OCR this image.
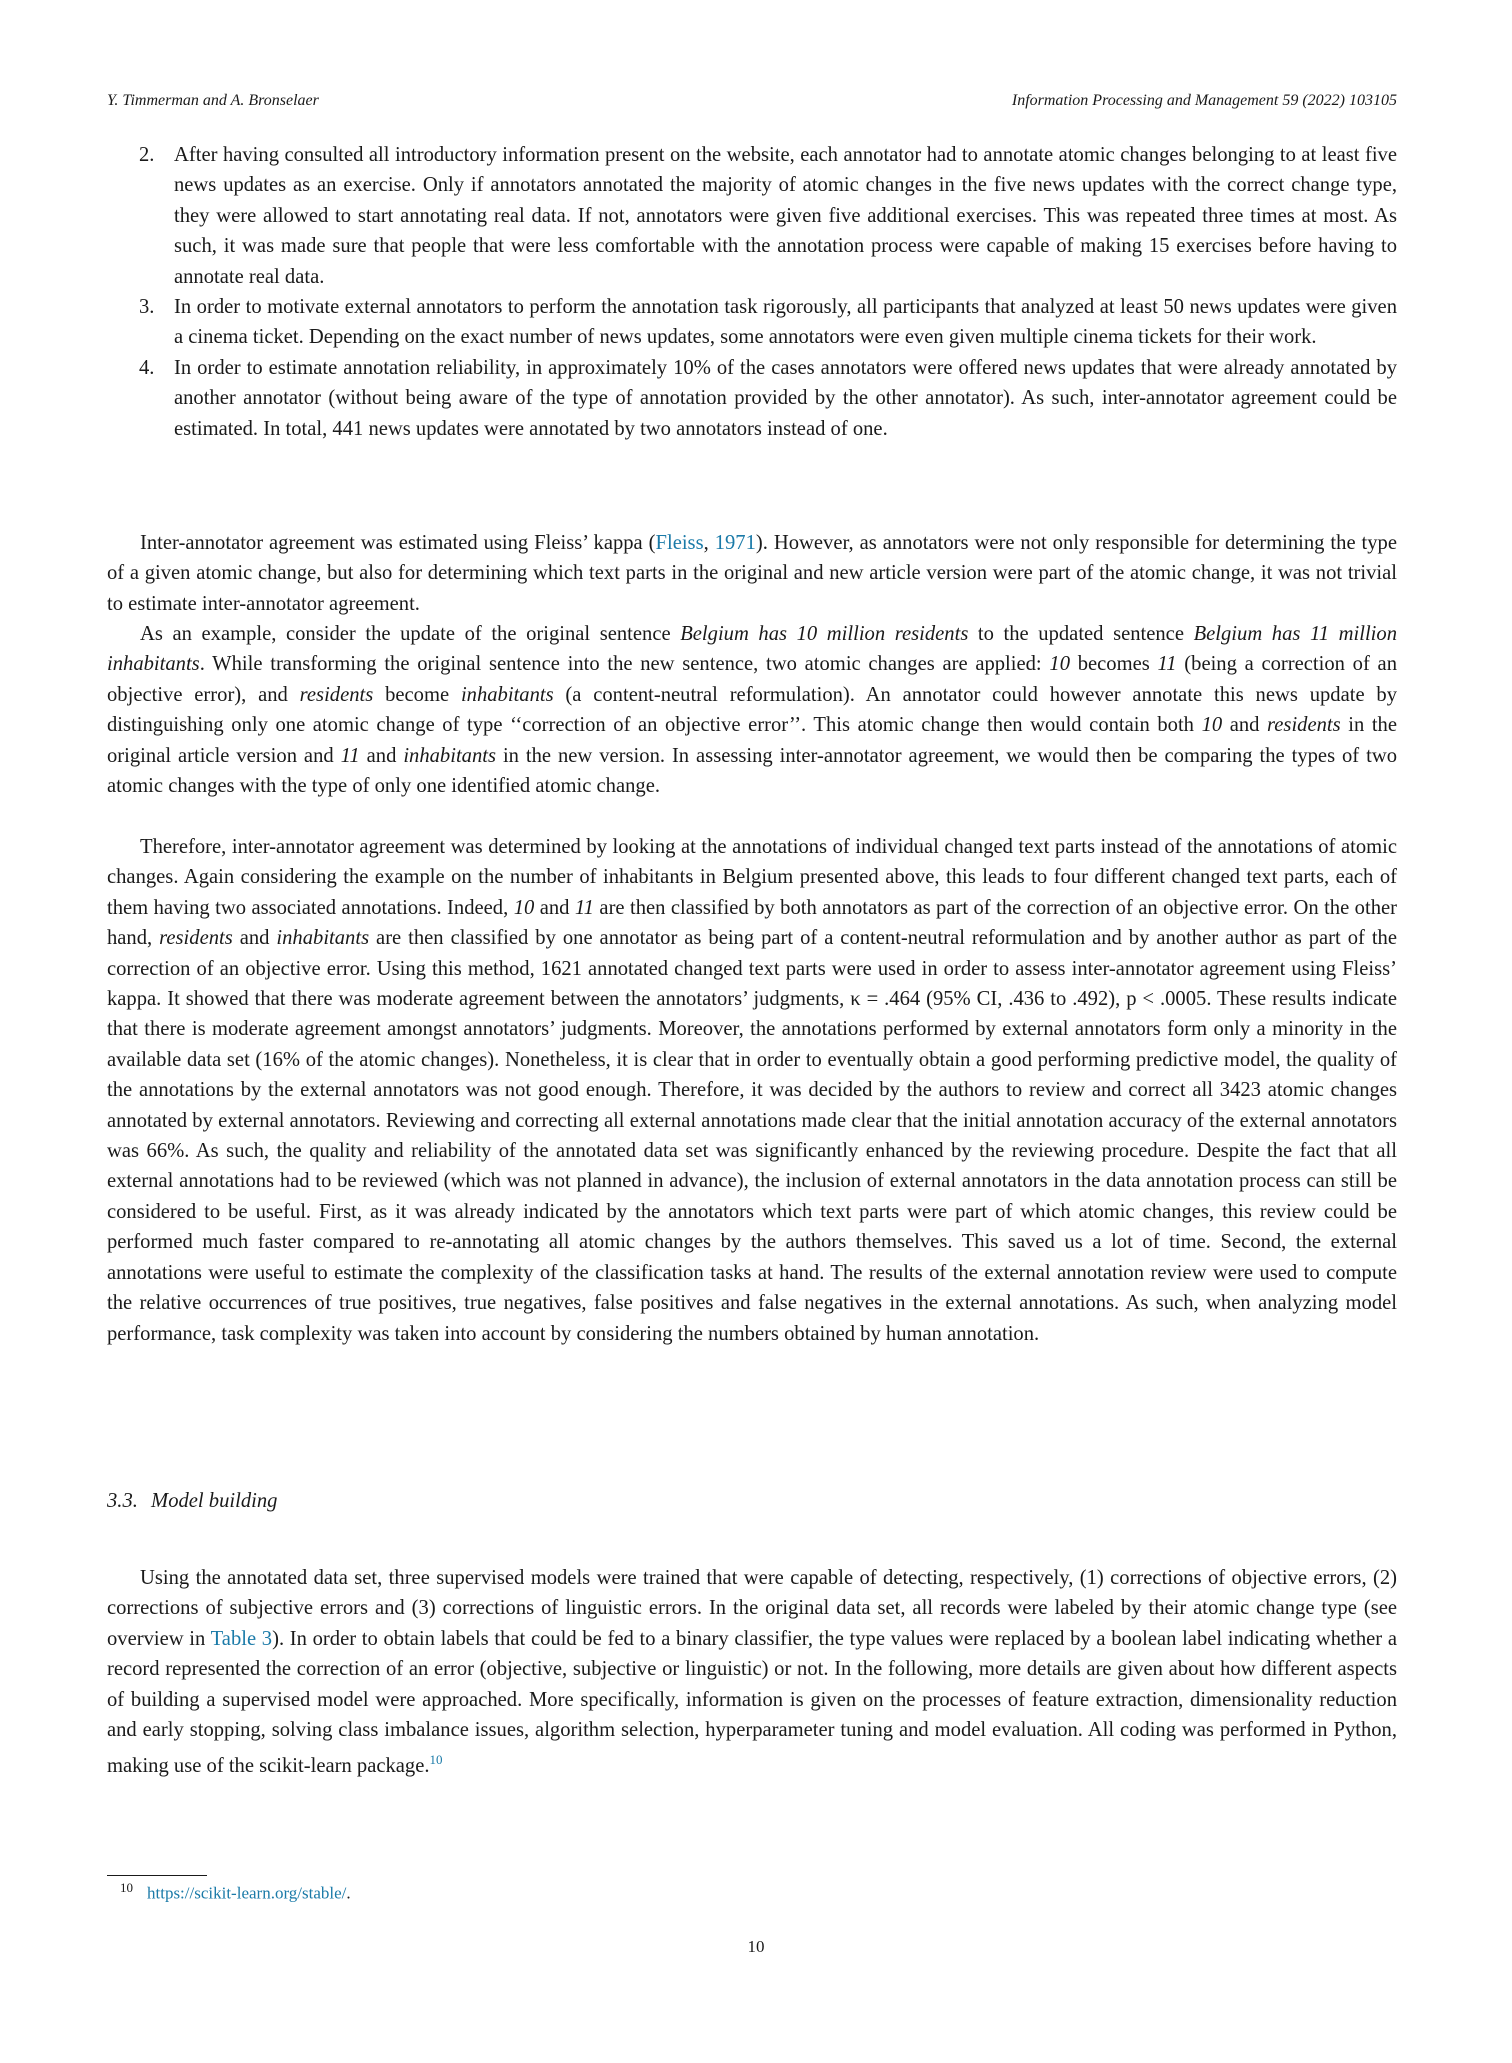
Y. Timmerman and A. Bronselaer	Information Processing and Management 59 (2022) 103105
2. After having consulted all introductory information present on the website, each annotator had to annotate atomic changes belonging to at least five news updates as an exercise. Only if annotators annotated the majority of atomic changes in the five news updates with the correct change type, they were allowed to start annotating real data. If not, annotators were given five additional exercises. This was repeated three times at most. As such, it was made sure that people that were less comfortable with the annotation process were capable of making 15 exercises before having to annotate real data.
3. In order to motivate external annotators to perform the annotation task rigorously, all participants that analyzed at least 50 news updates were given a cinema ticket. Depending on the exact number of news updates, some annotators were even given multiple cinema tickets for their work.
4. In order to estimate annotation reliability, in approximately 10% of the cases annotators were offered news updates that were already annotated by another annotator (without being aware of the type of annotation provided by the other annotator). As such, inter-annotator agreement could be estimated. In total, 441 news updates were annotated by two annotators instead of one.

Inter-annotator agreement was estimated using Fleiss’ kappa (Fleiss, 1971). However, as annotators were not only responsible for determining the type of a given atomic change, but also for determining which text parts in the original and new article version were part of the atomic change, it was not trivial to estimate inter-annotator agreement.

As an example, consider the update of the original sentence Belgium has 10 million residents to the updated sentence Belgium has 11 million inhabitants. While transforming the original sentence into the new sentence, two atomic changes are applied: 10 becomes 11 (being a correction of an objective error), and residents become inhabitants (a content-neutral reformulation). An annotator could however annotate this news update by distinguishing only one atomic change of type ‘‘correction of an objective error’’. This atomic change then would contain both 10 and residents in the original article version and 11 and inhabitants in the new version. In assessing inter-annotator agreement, we would then be comparing the types of two atomic changes with the type of only one identified atomic change.

Therefore, inter-annotator agreement was determined by looking at the annotations of individual changed text parts instead of the annotations of atomic changes. Again considering the example on the number of inhabitants in Belgium presented above, this leads to four different changed text parts, each of them having two associated annotations. Indeed, 10 and 11 are then classified by both annotators as part of the correction of an objective error. On the other hand, residents and inhabitants are then classified by one annotator as being part of a content-neutral reformulation and by another author as part of the correction of an objective error. Using this method, 1621 annotated changed text parts were used in order to assess inter-annotator agreement using Fleiss’ kappa. It showed that there was moderate agreement between the annotators’ judgments, κ = .464 (95% CI, .436 to .492), p < .0005. These results indicate that there is moderate agreement amongst annotators’ judgments. Moreover, the annotations performed by external annotators form only a minority in the available data set (16% of the atomic changes). Nonetheless, it is clear that in order to eventually obtain a good performing predictive model, the quality of the annotations by the external annotators was not good enough. Therefore, it was decided by the authors to review and correct all 3423 atomic changes annotated by external annotators. Reviewing and correcting all external annotations made clear that the initial annotation accuracy of the external annotators was 66%. As such, the quality and reliability of the annotated data set was significantly enhanced by the reviewing procedure. Despite the fact that all external annotations had to be reviewed (which was not planned in advance), the inclusion of external annotators in the data annotation process can still be considered to be useful. First, as it was already indicated by the annotators which text parts were part of which atomic changes, this review could be performed much faster compared to re-annotating all atomic changes by the authors themselves. This saved us a lot of time. Second, the external annotations were useful to estimate the complexity of the classification tasks at hand. The results of the external annotation review were used to compute the relative occurrences of true positives, true negatives, false positives and false negatives in the external annotations. As such, when analyzing model performance, task complexity was taken into account by considering the numbers obtained by human annotation.

3.3. Model building

Using the annotated data set, three supervised models were trained that were capable of detecting, respectively, (1) corrections of objective errors, (2) corrections of subjective errors and (3) corrections of linguistic errors. In the original data set, all records were labeled by their atomic change type (see overview in Table 3). In order to obtain labels that could be fed to a binary classifier, the type values were replaced by a boolean label indicating whether a record represented the correction of an error (objective, subjective or linguistic) or not. In the following, more details are given about how different aspects of building a supervised model were approached. More specifically, information is given on the processes of feature extraction, dimensionality reduction and early stopping, solving class imbalance issues, algorithm selection, hyperparameter tuning and model evaluation. All coding was performed in Python, making use of the scikit-learn package.$^{10}$

$^{10}$ https://scikit-learn.org/stable/.
10
